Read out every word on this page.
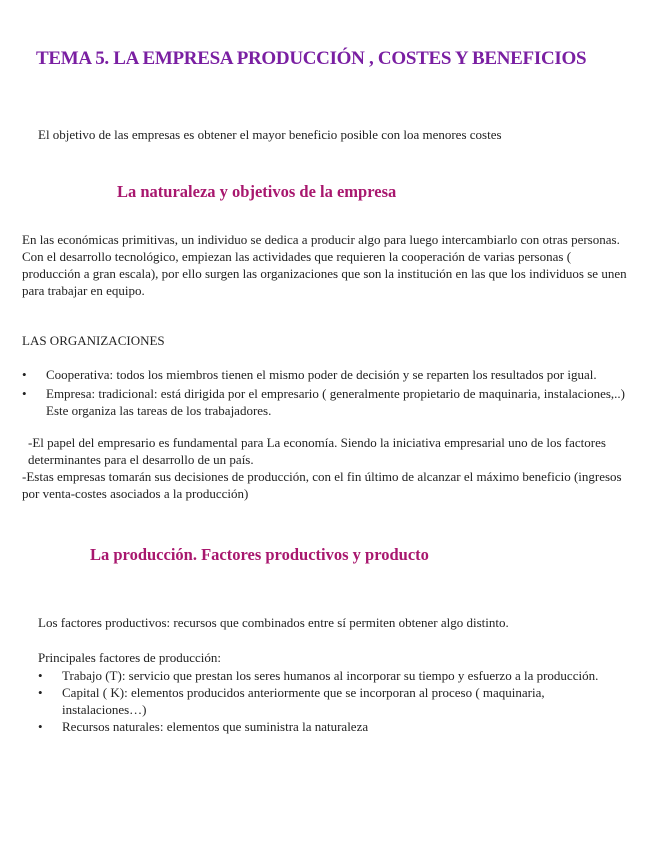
TEMA 5. LA EMPRESA PRODUCCIÓN , COSTES Y BENEFICIOS
El objetivo de las empresas es obtener el mayor beneficio posible con loa menores costes
La naturaleza y objetivos de la empresa
En las económicas primitivas, un individuo se dedica a producir algo para luego intercambiarlo con otras personas. Con el desarrollo tecnológico, empiezan las actividades que requieren la cooperación de varias personas ( producción a gran escala), por ello surgen las organizaciones que son la institución en las que los individuos se unen para trabajar en equipo.
LAS ORGANIZACIONES
• Cooperativa: todos los miembros tienen el mismo poder de decisión y se reparten los resultados por igual.
• Empresa: tradicional: está dirigida por el empresario ( generalmente propietario de maquinaria, instalaciones,..) Este organiza las tareas de los trabajadores.
-El papel del empresario es fundamental para La economía. Siendo la iniciativa empresarial uno de los factores determinantes para el desarrollo de un país.
-Estas empresas tomarán sus decisiones de producción, con el fin último de alcanzar el máximo beneficio (ingresos por venta-costes asociados a la producción)
La producción. Factores productivos y producto
Los factores productivos: recursos que combinados entre sí permiten obtener algo distinto.
Principales factores de producción:
• Trabajo (T): servicio que prestan los seres humanos al incorporar su tiempo y esfuerzo a la producción.
• Capital ( K): elementos producidos anteriormente que se incorporan al proceso ( maquinaria, instalaciones…)
• Recursos naturales: elementos que suministra la naturaleza
